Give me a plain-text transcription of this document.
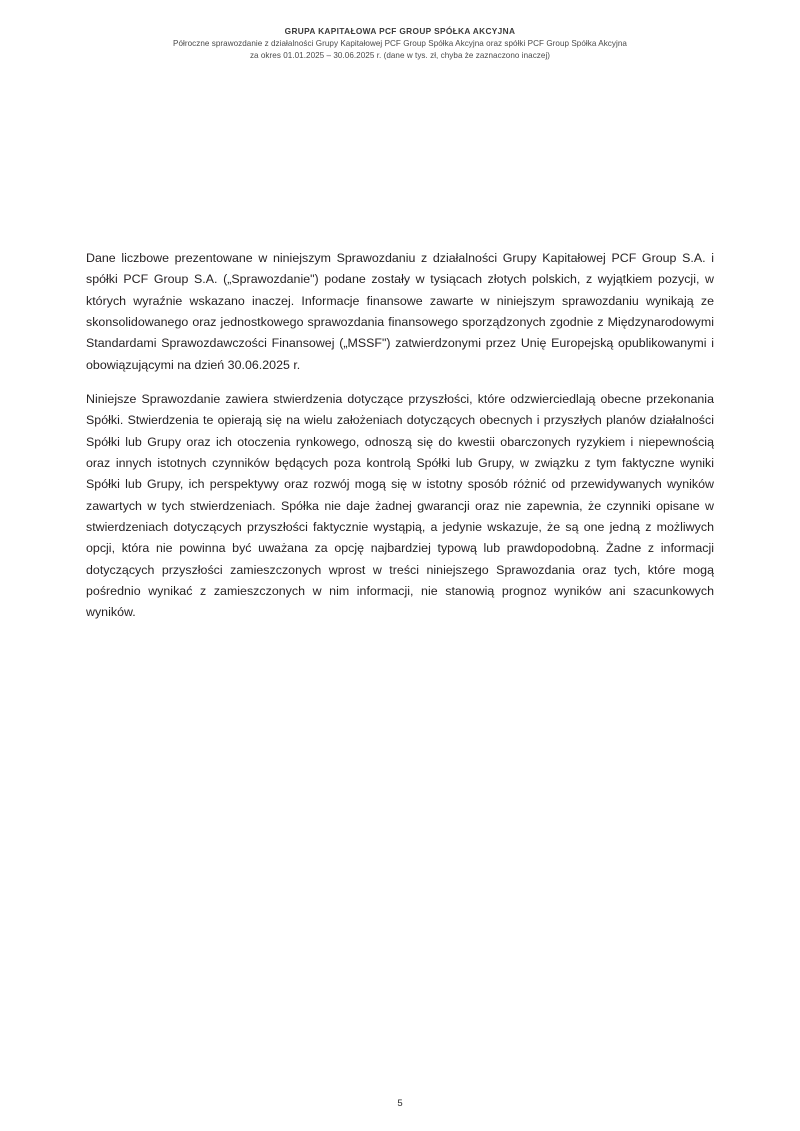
GRUPA KAPITAŁOWA PCF GROUP SPÓŁKA AKCYJNA
Półroczne sprawozdanie z działalności Grupy Kapitałowej PCF Group Spółka Akcyjna oraz spółki PCF Group Spółka Akcyjna
za okres 01.01.2025 – 30.06.2025 r. (dane w tys. zł, chyba że zaznaczono inaczej)

Dane liczbowe prezentowane w niniejszym Sprawozdaniu z działalności Grupy Kapitałowej PCF Group S.A. i spółki PCF Group S.A. („Sprawozdanie") podane zostały w tysiącach złotych polskich, z wyjątkiem pozycji, w których wyraźnie wskazano inaczej. Informacje finansowe zawarte w niniejszym sprawozdaniu wynikają ze skonsolidowanego oraz jednostkowego sprawozdania finansowego sporządzonych zgodnie z Międzynarodowymi Standardami Sprawozdawczości Finansowej („MSSF") zatwierdzonymi przez Unię Europejską opublikowanymi i obowiązującymi na dzień 30.06.2025 r.

Niniejsze Sprawozdanie zawiera stwierdzenia dotyczące przyszłości, które odzwierciedlają obecne przekonania Spółki. Stwierdzenia te opierają się na wielu założeniach dotyczących obecnych i przyszłych planów działalności Spółki lub Grupy oraz ich otoczenia rynkowego, odnoszą się do kwestii obarczonych ryzykiem i niepewnością oraz innych istotnych czynników będących poza kontrolą Spółki lub Grupy, w związku z tym faktyczne wyniki Spółki lub Grupy, ich perspektywy oraz rozwój mogą się w istotny sposób różnić od przewidywanych wyników zawartych w tych stwierdzeniach. Spółka nie daje żadnej gwarancji oraz nie zapewnia, że czynniki opisane w stwierdzeniach dotyczących przyszłości faktycznie wystąpią, a jedynie wskazuje, że są one jedną z możliwych opcji, która nie powinna być uważana za opcję najbardziej typową lub prawdopodobną. Żadne z informacji dotyczących przyszłości zamieszczonych wprost w treści niniejszego Sprawozdania oraz tych, które mogą pośrednio wynikać z zamieszczonych w nim informacji, nie stanowią prognoz wyników ani szacunkowych wyników.

5
